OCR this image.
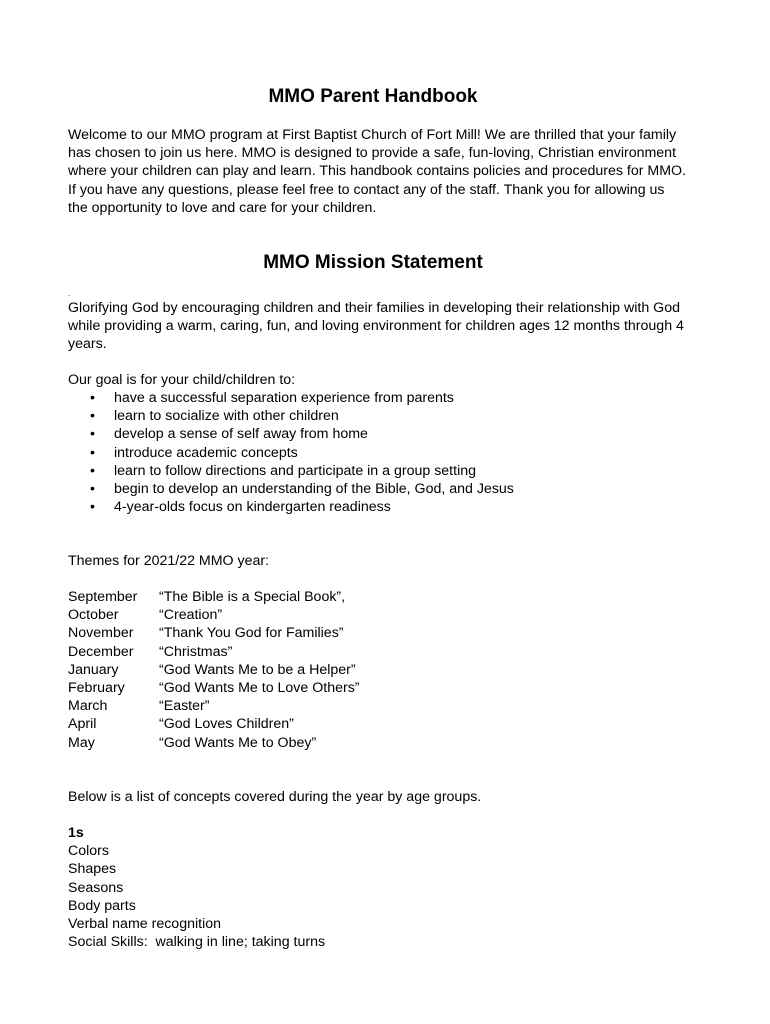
MMO Parent Handbook
Welcome to our MMO program at First Baptist Church of Fort Mill! We are thrilled that your family has chosen to join us here. MMO is designed to provide a safe, fun-loving, Christian environment where your children can play and learn. This handbook contains policies and procedures for MMO. If you have any questions, please feel free to contact any of the staff. Thank you for allowing us the opportunity to love and care for your children.
MMO Mission Statement
.
Glorifying God by encouraging children and their families in developing their relationship with God while providing a warm, caring, fun, and loving environment for children ages 12 months through 4 years.
Our goal is for your child/children to:
• have a successful separation experience from parents
• learn to socialize with other children
• develop a sense of self away from home
• introduce academic concepts
• learn to follow directions and participate in a group setting
• begin to develop an understanding of the Bible, God, and Jesus
• 4-year-olds focus on kindergarten readiness
Themes for 2021/22 MMO year:
September	“The Bible is a Special Book”,
October	“Creation”
November	“Thank You God for Families”
December	“Christmas”
January	“God Wants Me to be a Helper”
February	“God Wants Me to Love Others”
March	“Easter”
April	“God Loves Children”
May	“God Wants Me to Obey”
Below is a list of concepts covered during the year by age groups.
1s
Colors
Shapes
Seasons
Body parts
Verbal name recognition
Social Skills:  walking in line; taking turns
